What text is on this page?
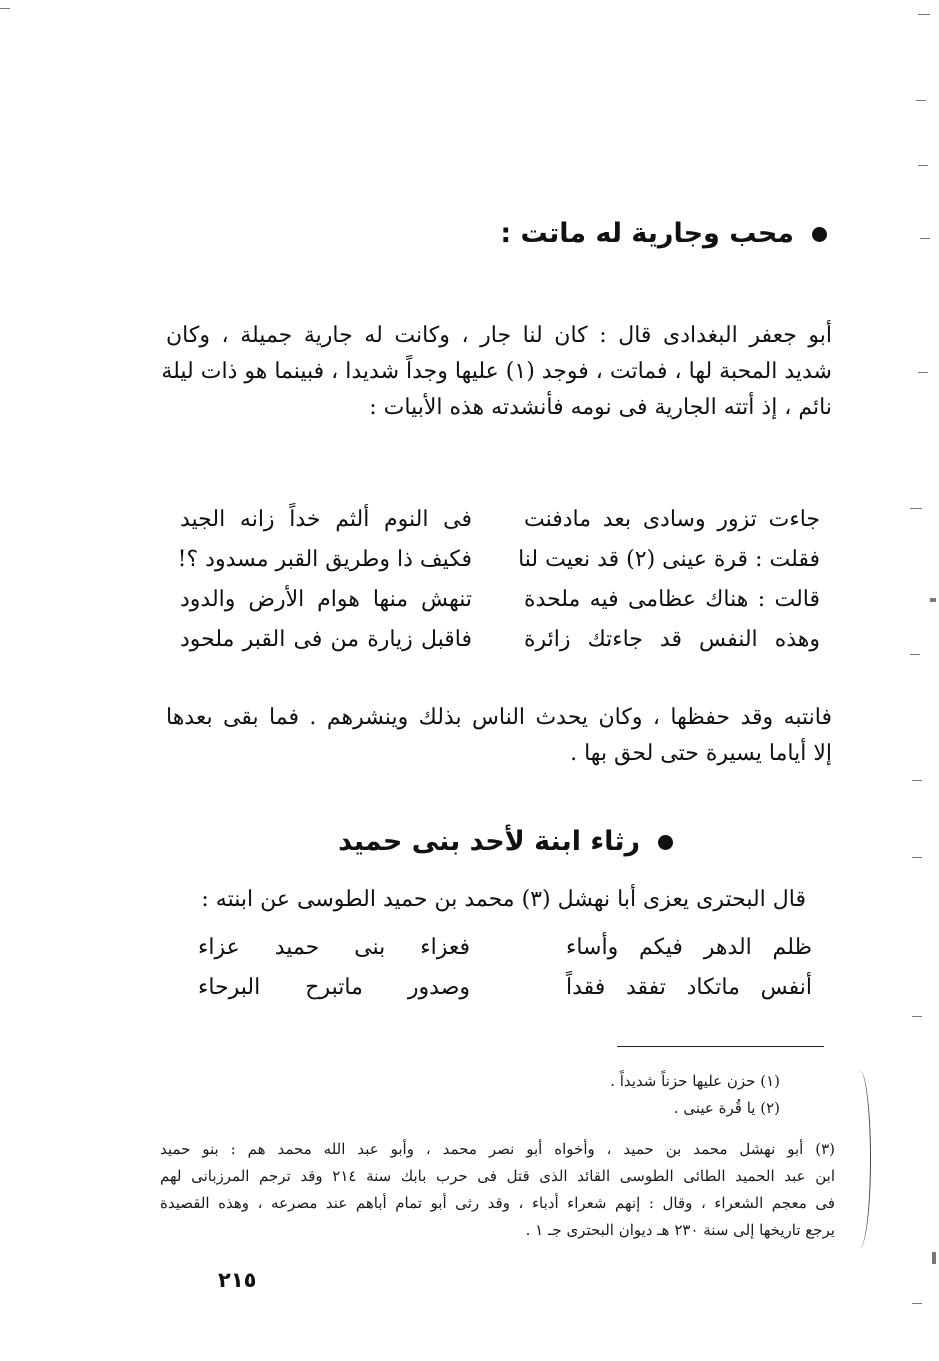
محب وجارية له ماتت :
أبو جعفر البغدادى قال : كان لنا جار ، وكانت له جارية جميلة ، وكان
شديد المحبة لها ، فماتت ، فوجد (١) عليها وجداً شديدا ، فبينما هو ذات ليلة
نائم ، إذ أتته الجارية فى نومه فأنشدته هذه الأبيات :
جاءت تزور وسادى بعد مادفنت
فى النوم ألثم خداً زانه الجيد
فقلت : قرة عينى (٢) قد نعيت لنا
فكيف ذا وطريق القبر مسدود ؟!
قالت : هناك عظامى فيه ملحدة
تنهش منها هوام الأرض والدود
وهذه النفس قد جاءتك زائرة
فاقبل زيارة من فى القبر ملحود
فانتبه وقد حفظها ، وكان يحدث الناس بذلك وينشرهم . فما بقى بعدها
إلا أياما يسيرة حتى لحق بها .
رثاء ابنة لأحد بنى حميد
قال البحترى يعزى أبا نهشل (٣) محمد بن حميد الطوسى عن ابنته :
ظلم الدهر فيكم وأساء
فعزاء بنى حميد عزاء
أنفس ماتكاد تفقد فقداً
وصدور ماتبرح البرحاء
(١) حزن عليها حزناً شديداً .
(٢) يا قُرة عينى .
(٣) أبو نهشل محمد بن حميد ، وأخواه أبو نصر محمد ، وأبو عبد الله محمد هم : بنو حميد
ابن عبد الحميد الطائى الطوسى القائد الذى قتل فى حرب بابك سنة ٢١٤ وقد ترجم المرزبانى لهم
فى معجم الشعراء ، وقال : إنهم شعراء أدباء ، وقد رثى أبو تمام أباهم عند مصرعه ، وهذه القصيدة
يرجع تاريخها إلى سنة ٢٣٠ هـ ديوان البحترى جـ ١ .
٢١٥
